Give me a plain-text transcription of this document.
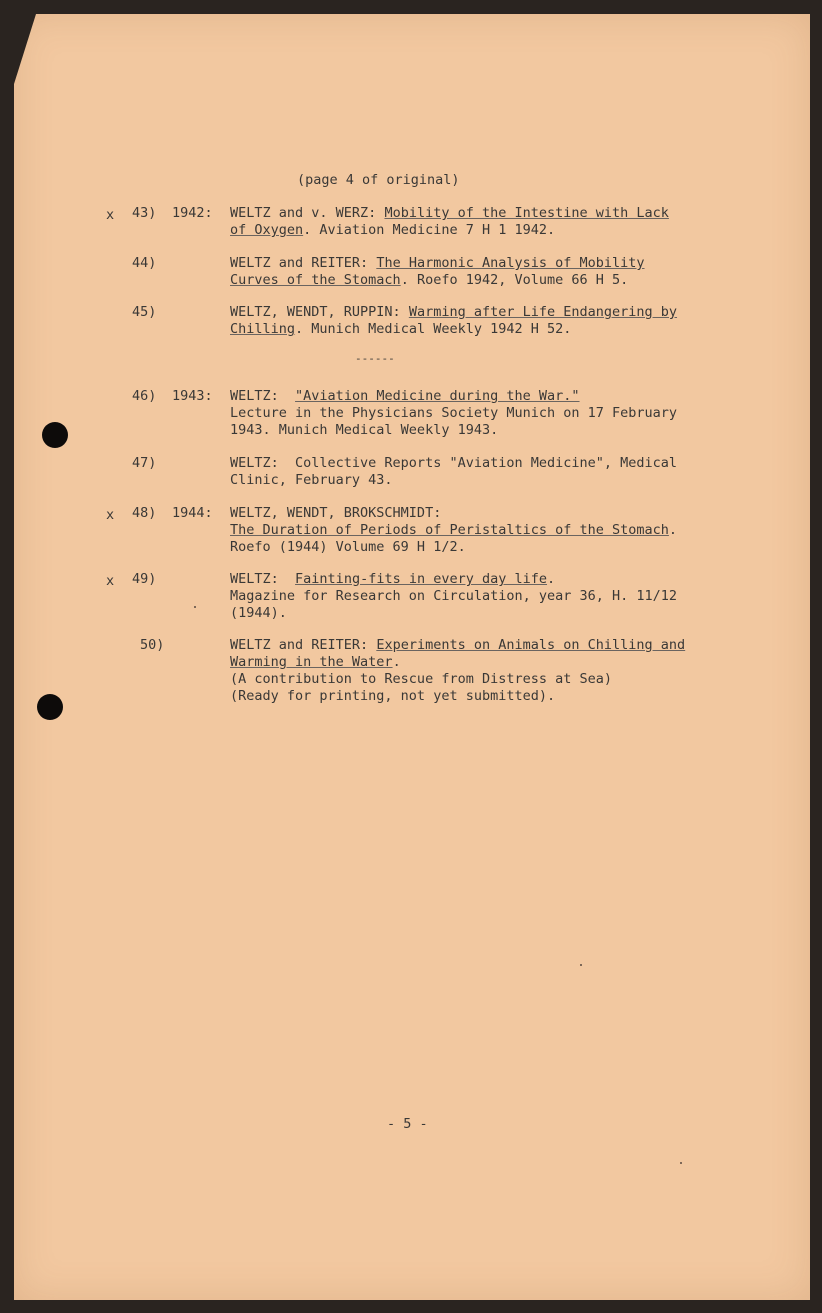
(page 4 of original)

x 43) 1942: WELTZ and v. WERZ: Mobility of the Intestine with Lack

of Oxygen. Aviation Medicine 7 H 1 1942.

44)	WELTZ and REITER: The Harmonic Analysis of Mobility

Curves of the Stomach. Roefo 1942, Volume 66 H 5.

45)	WELTZ, WENDT, RUPPIN: Warming after Life Endangering by

Chilling. Munich Medical Weekly 1942 H 52.

------

46) 1943: WELTZ: "Aviation Medicine during the War."

Lecture in the Physicians Society Munich on 17 February

1943. Munich Medical Weekly 1943.

47)	WELTZ:  Collective Reports "Aviation Medicine", Medical

Clinic, February 43.

x 48) 1944: WELTZ, WENDT, BROKSCHMIDT:

The Duration of Periods of Peristaltics of the Stomach.

Roefo (1944) Volume 69 H 1/2.

x 49)	WELTZ: Fainting-fits in every day life.

Magazine for Research on Circulation, year 36, H. 11/12

(1944).

50)	WELTZ and REITER: Experiments on Animals on Chilling and

Warming in the Water.

(A contribution to Rescue from Distress at Sea)

(Ready for printing, not yet submitted).

- 5 -
